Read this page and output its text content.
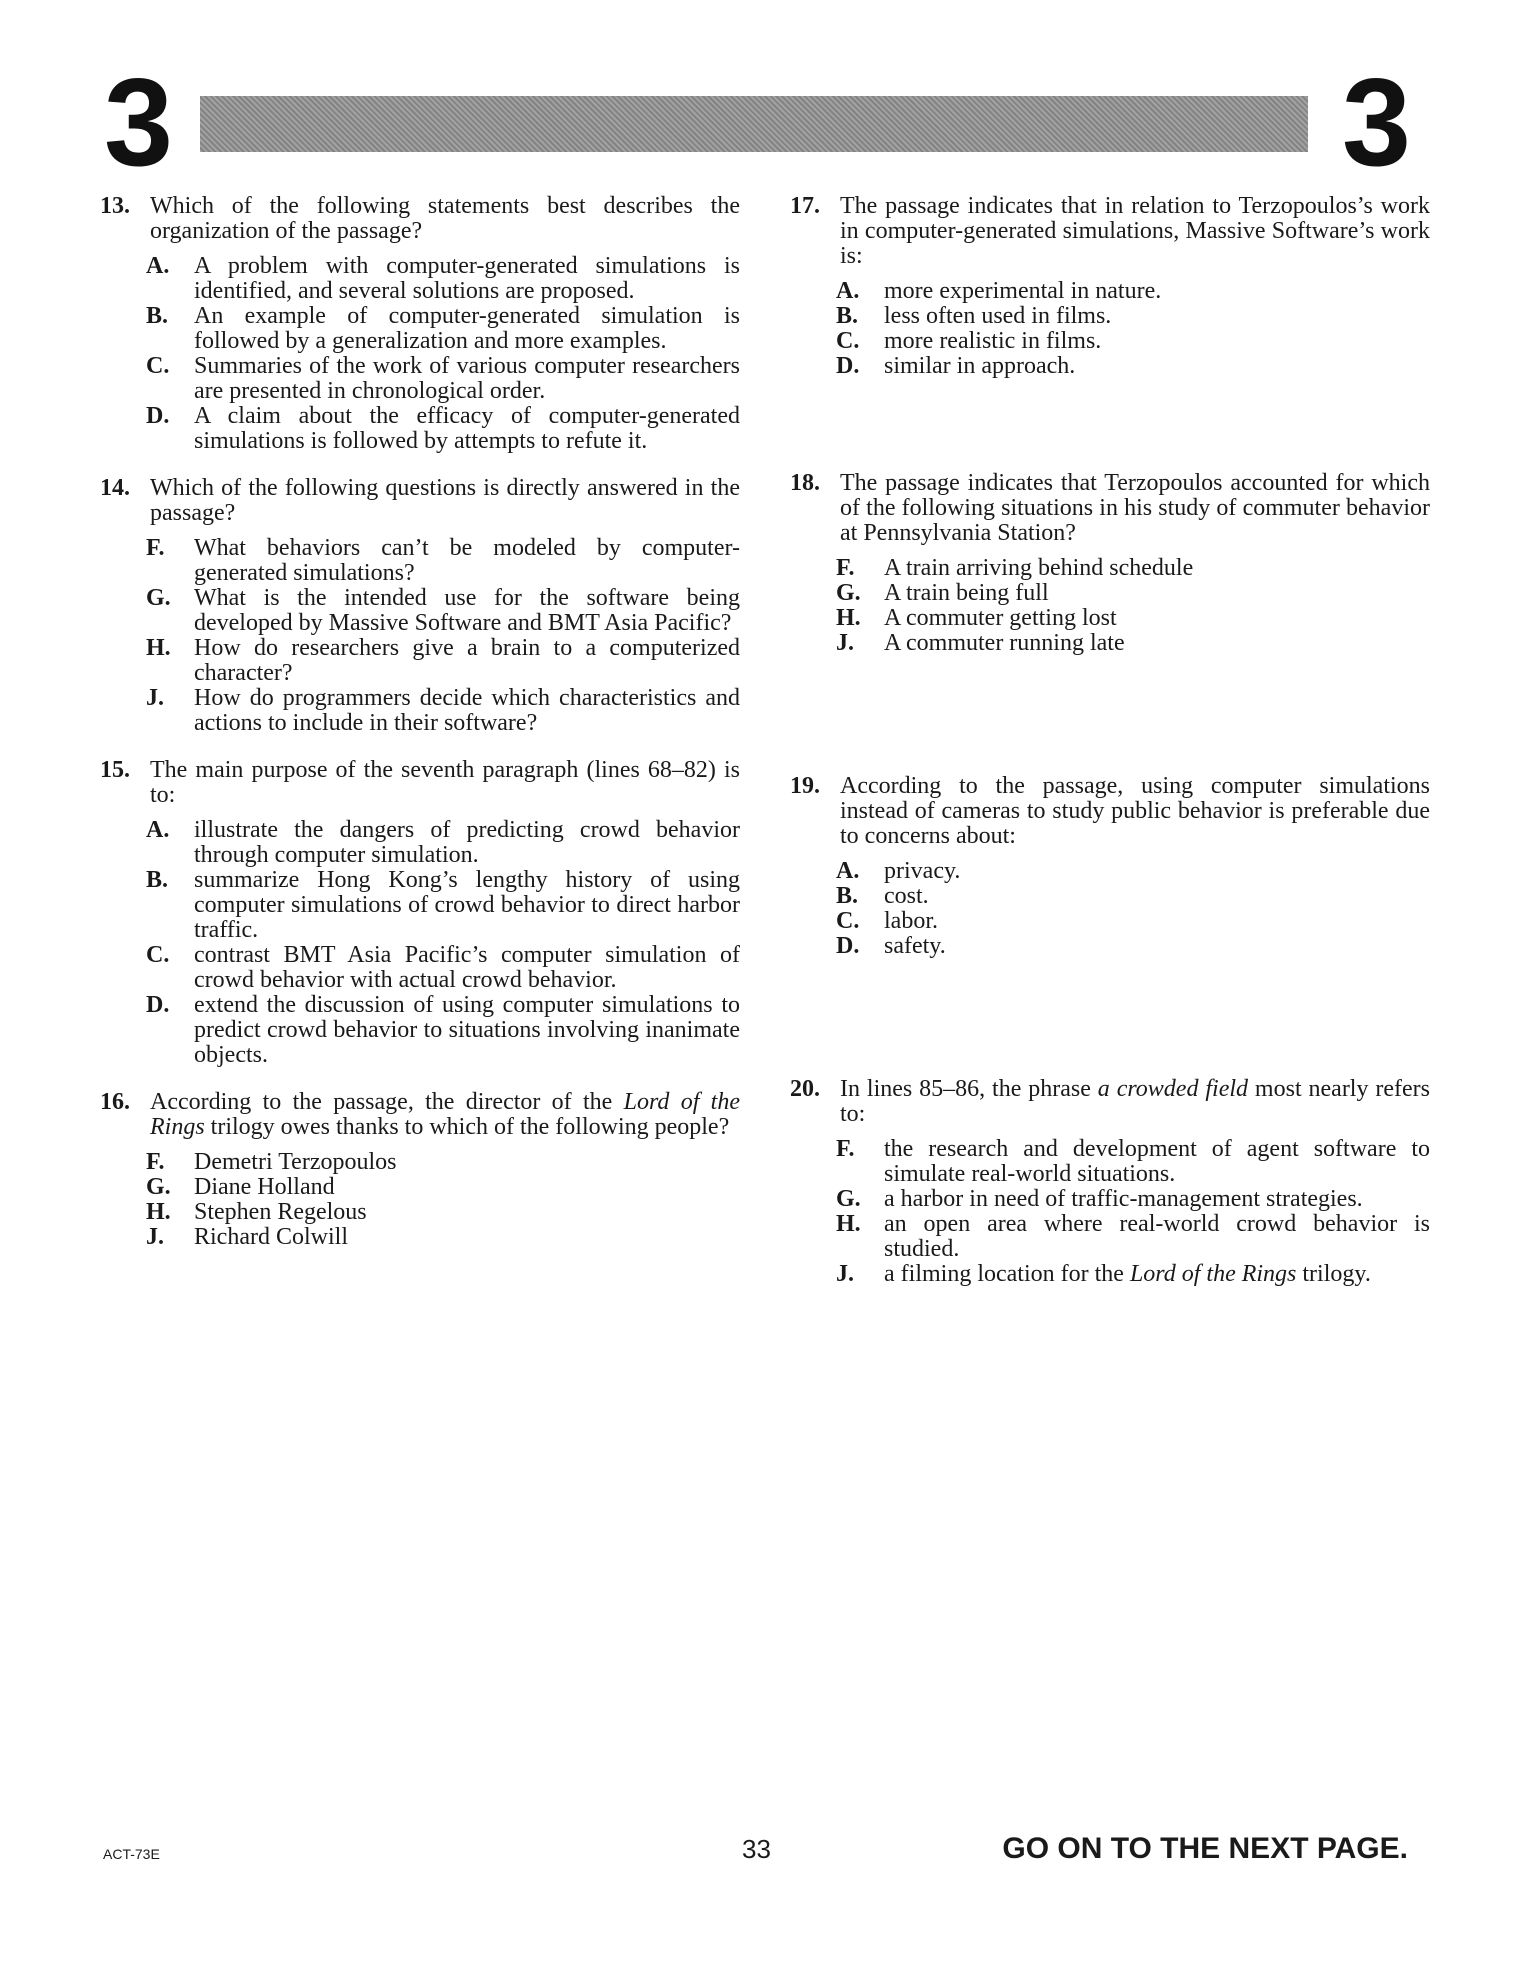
3	3
13. Which of the following statements best describes the organization of the passage?
A. A problem with computer-generated simulations is identified, and several solutions are proposed.
B. An example of computer-generated simulation is followed by a generalization and more examples.
C. Summaries of the work of various computer researchers are presented in chronological order.
D. A claim about the efficacy of computer-generated simulations is followed by attempts to refute it.
14. Which of the following questions is directly answered in the passage?
F. What behaviors can’t be modeled by computer-generated simulations?
G. What is the intended use for the software being developed by Massive Software and BMT Asia Pacific?
H. How do researchers give a brain to a computerized character?
J. How do programmers decide which characteristics and actions to include in their software?
15. The main purpose of the seventh paragraph (lines 68–82) is to:
A. illustrate the dangers of predicting crowd behavior through computer simulation.
B. summarize Hong Kong’s lengthy history of using computer simulations of crowd behavior to direct harbor traffic.
C. contrast BMT Asia Pacific’s computer simulation of crowd behavior with actual crowd behavior.
D. extend the discussion of using computer simulations to predict crowd behavior to situations involving inanimate objects.
16. According to the passage, the director of the Lord of the Rings trilogy owes thanks to which of the following people?
F. Demetri Terzopoulos
G. Diane Holland
H. Stephen Regelous
J. Richard Colwill
17. The passage indicates that in relation to Terzopoulos’s work in computer-generated simulations, Massive Software’s work is:
A. more experimental in nature.
B. less often used in films.
C. more realistic in films.
D. similar in approach.
18. The passage indicates that Terzopoulos accounted for which of the following situations in his study of commuter behavior at Pennsylvania Station?
F. A train arriving behind schedule
G. A train being full
H. A commuter getting lost
J. A commuter running late
19. According to the passage, using computer simulations instead of cameras to study public behavior is preferable due to concerns about:
A. privacy.
B. cost.
C. labor.
D. safety.
20. In lines 85–86, the phrase a crowded field most nearly refers to:
F. the research and development of agent software to simulate real-world situations.
G. a harbor in need of traffic-management strategies.
H. an open area where real-world crowd behavior is studied.
J. a filming location for the Lord of the Rings trilogy.
ACT-73E	33	GO ON TO THE NEXT PAGE.
